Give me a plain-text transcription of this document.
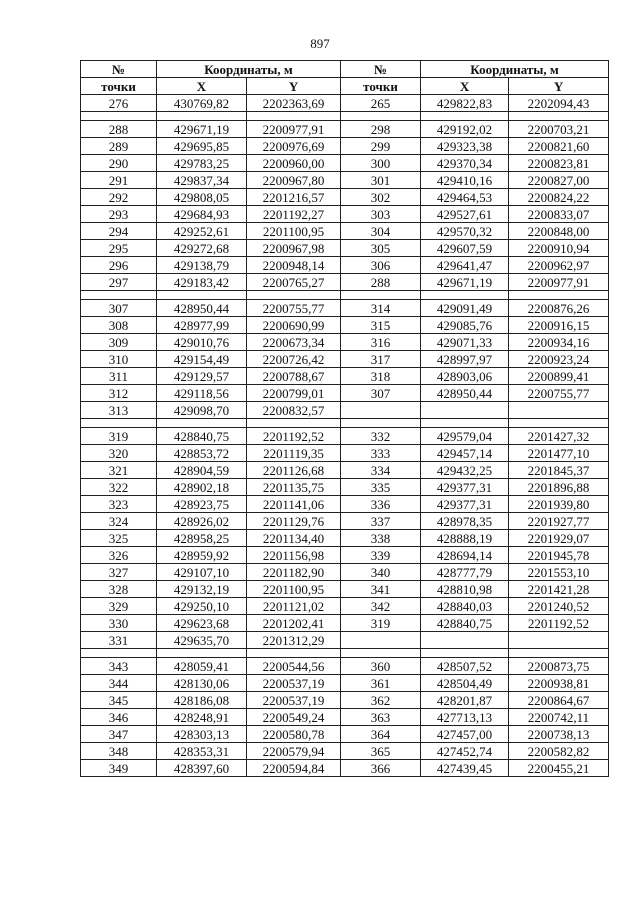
897
№	Координаты, м		№	Координаты, м	
точки	X	Y	точки	X	Y
276	430769,82	2202363,69	265	429822,83	2202094,43

288	429671,19	2200977,91	298	429192,02	2200703,21
289	429695,85	2200976,69	299	429323,38	2200821,60
290	429783,25	2200960,00	300	429370,34	2200823,81
291	429837,34	2200967,80	301	429410,16	2200827,00
292	429808,05	2201216,57	302	429464,53	2200824,22
293	429684,93	2201192,27	303	429527,61	2200833,07
294	429252,61	2201100,95	304	429570,32	2200848,00
295	429272,68	2200967,98	305	429607,59	2200910,94
296	429138,79	2200948,14	306	429641,47	2200962,97
297	429183,42	2200765,27	288	429671,19	2200977,91

307	428950,44	2200755,77	314	429091,49	2200876,26
308	428977,99	2200690,99	315	429085,76	2200916,15
309	429010,76	2200673,34	316	429071,33	2200934,16
310	429154,49	2200726,42	317	428997,97	2200923,24
311	429129,57	2200788,67	318	428903,06	2200899,41
312	429118,56	2200799,01	307	428950,44	2200755,77
313	429098,70	2200832,57			

319	428840,75	2201192,52	332	429579,04	2201427,32
320	428853,72	2201119,35	333	429457,14	2201477,10
321	428904,59	2201126,68	334	429432,25	2201845,37
322	428902,18	2201135,75	335	429377,31	2201896,88
323	428923,75	2201141,06	336	429377,31	2201939,80
324	428926,02	2201129,76	337	428978,35	2201927,77
325	428958,25	2201134,40	338	428888,19	2201929,07
326	428959,92	2201156,98	339	428694,14	2201945,78
327	429107,10	2201182,90	340	428777,79	2201553,10
328	429132,19	2201100,95	341	428810,98	2201421,28
329	429250,10	2201121,02	342	428840,03	2201240,52
330	429623,68	2201202,41	319	428840,75	2201192,52
331	429635,70	2201312,29			

343	428059,41	2200544,56	360	428507,52	2200873,75
344	428130,06	2200537,19	361	428504,49	2200938,81
345	428186,08	2200537,19	362	428201,87	2200864,67
346	428248,91	2200549,24	363	427713,13	2200742,11
347	428303,13	2200580,78	364	427457,00	2200738,13
348	428353,31	2200579,94	365	427452,74	2200582,82
349	428397,60	2200594,84	366	427439,45	2200455,21
